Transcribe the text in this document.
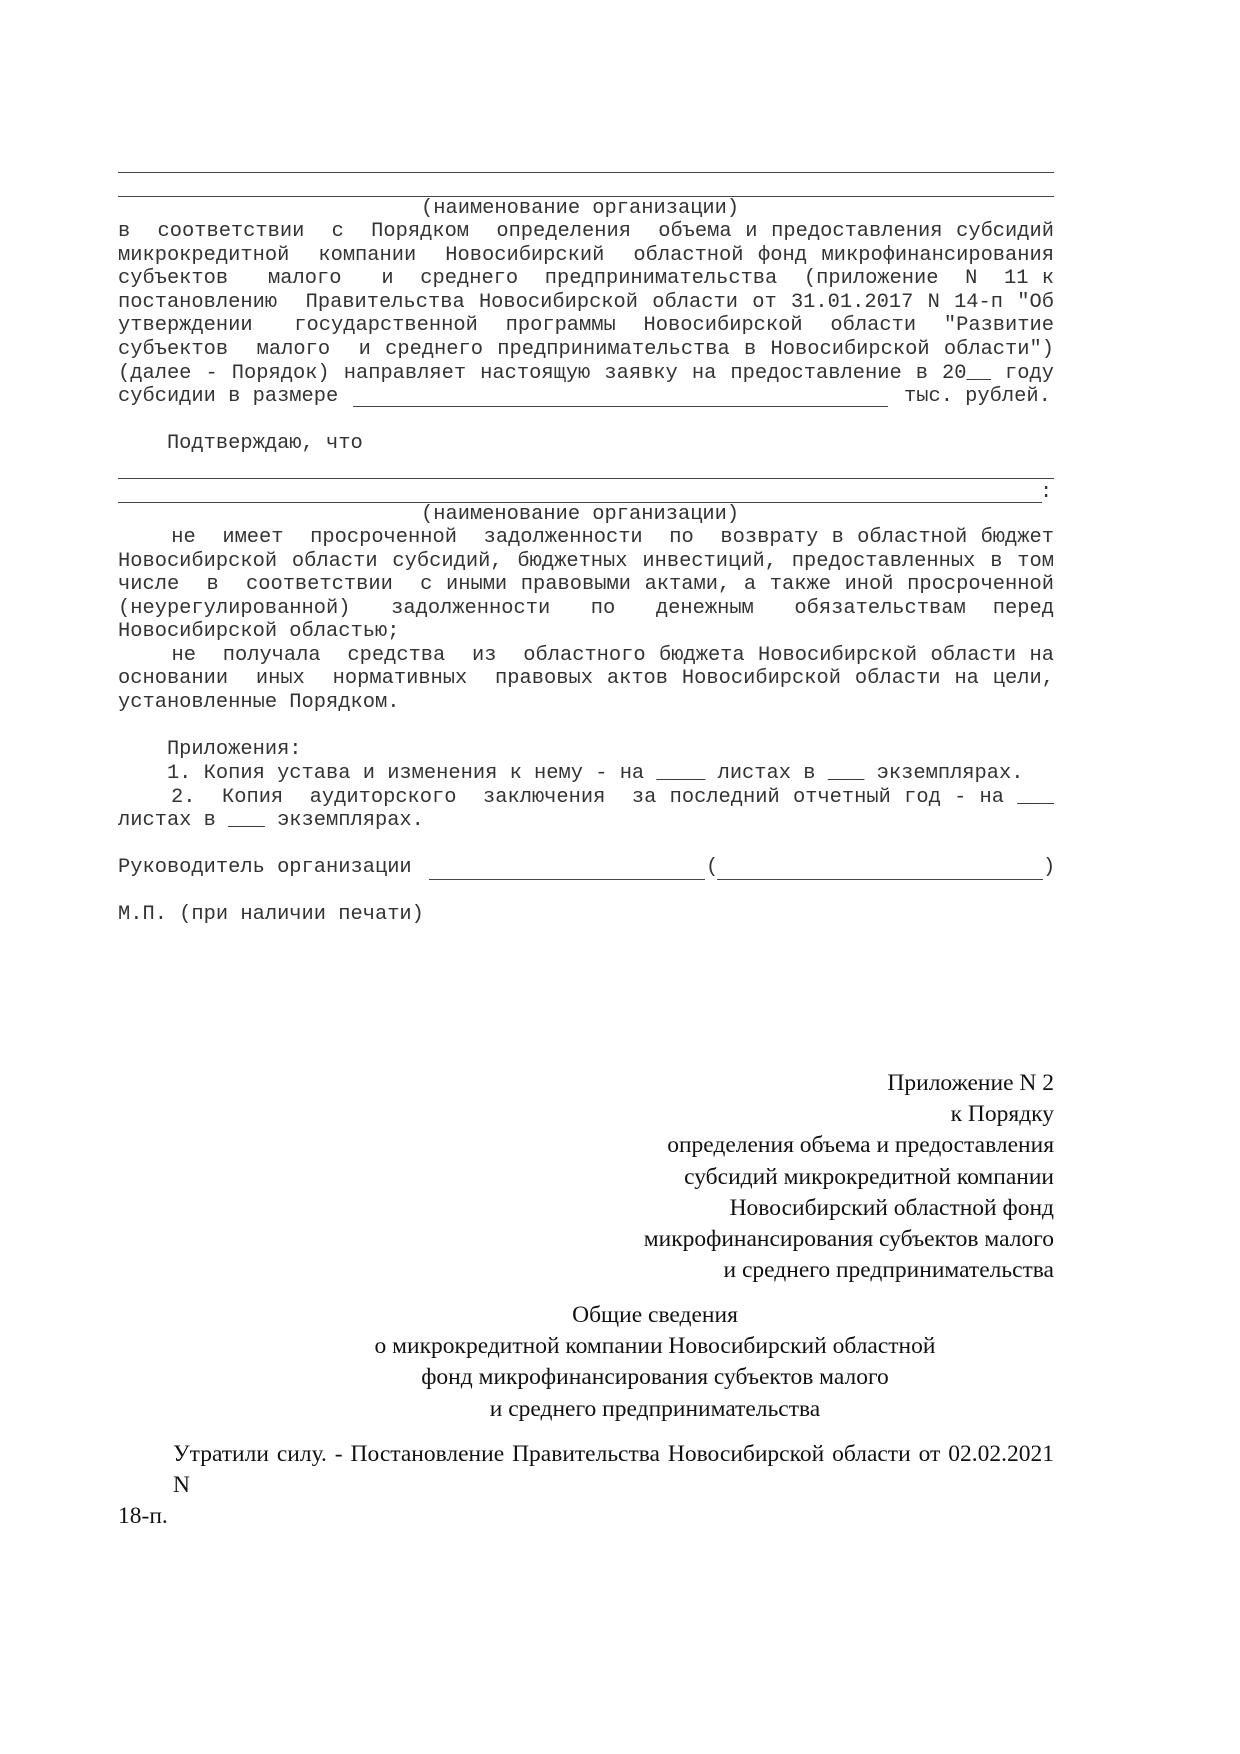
(наименование организации)
в  соответствии  с  Порядком  определения  объема и предоставления субсидий
микрокредитной  компании  Новосибирский  областной фонд микрофинансирования
субъектов   малого   и  среднего  предпринимательства  (приложение  N  11 к
постановлению  Правительства Новосибирской области от 31.01.2017 N 14-п "Об
утверждении   государственной  программы  Новосибирской  области  "Развитие
субъектов  малого  и среднего предпринимательства в Новосибирской области")
(далее - Порядок) направляет настоящую заявку на предоставление в 20__ году
субсидии в размере	тыс. рублей.
Подтверждаю, что
:
(наименование организации)
не  имеет  просроченной  задолженности  по  возврату в областной бюджет
Новосибирской области субсидий, бюджетных инвестиций, предоставленных в том
числе  в  соответствии  с иными правовыми актами, а также иной просроченной
(неурегулированной)   задолженности   по   денежным   обязательствам  перед
Новосибирской областью;
не  получала  средства  из  областного бюджета Новосибирской области на
основании  иных  нормативных  правовых актов Новосибирской области на цели,
установленные Порядком.
Приложения:
1. Копия устава и изменения к нему - на ____ листах в ___ экземплярах.
2.  Копия  аудиторского  заключения  за последний отчетный год - на ___
листах в ___ экземплярах.
Руководитель организации	(	)
М.П. (при наличии печати)
Приложение N 2
к Порядку
определения объема и предоставления
субсидий микрокредитной компании
Новосибирский областной фонд
микрофинансирования субъектов малого
и среднего предпринимательства
Общие сведения
о микрокредитной компании Новосибирский областной
фонд микрофинансирования субъектов малого
и среднего предпринимательства
Утратили силу. - Постановление Правительства Новосибирской области от 02.02.2021 N
18-п.
